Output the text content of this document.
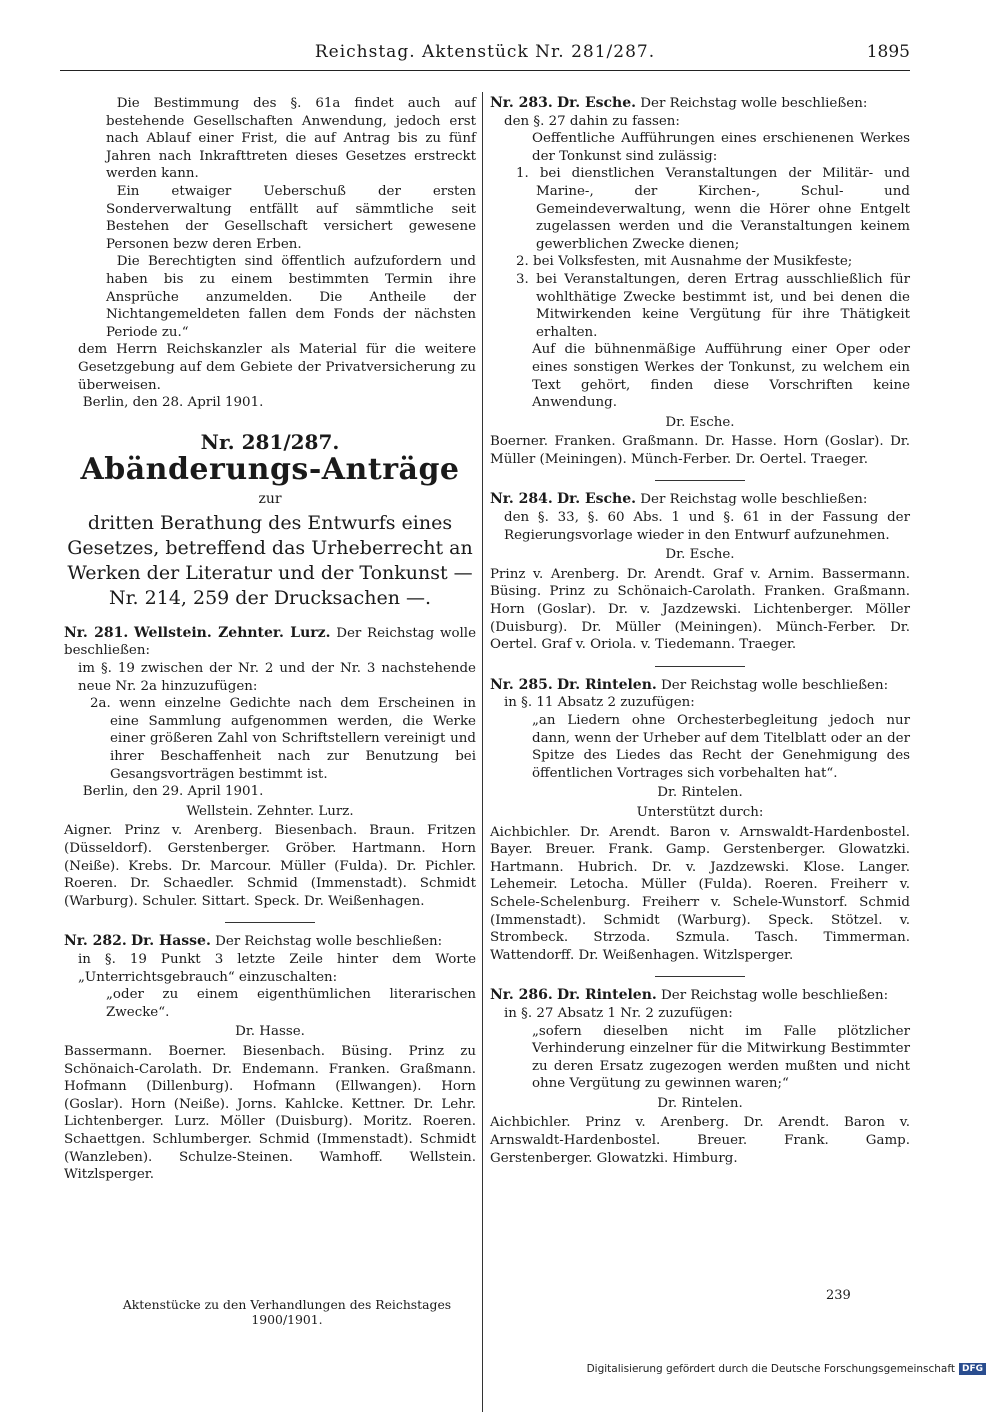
Reichstag. Aktenstück Nr. 281/287.	1895

Die Bestimmung des §. 61a findet auch auf bestehende Gesellschaften Anwendung, jedoch erst nach Ablauf einer Frist, die auf Antrag bis zu fünf Jahren nach Inkrafttreten dieses Gesetzes erstreckt werden kann.

Ein etwaiger Ueberschuß der ersten Sonderverwaltung entfällt auf sämmtliche seit Bestehen der Gesellschaft versichert gewesene Personen bezw deren Erben.

Die Berechtigten sind öffentlich aufzufordern und haben bis zu einem bestimmten Termin ihre Ansprüche anzumelden. Die Antheile der Nichtangemeldeten fallen dem Fonds der nächsten Periode zu.“

dem Herrn Reichskanzler als Material für die weitere Gesetzgebung auf dem Gebiete der Privatversicherung zu überweisen.

Berlin, den 28. April 1901.

Nr. 281/287.
Abänderungs-Anträge
zur
dritten Berathung des Entwurfs eines Gesetzes, betreffend das Urheberrecht an Werken der Literatur und der Tonkunst — Nr. 214, 259 der Drucksachen —.

Nr. 281. Wellstein. Zehnter. Lurz. Der Reichstag wolle beschließen:

im §. 19 zwischen der Nr. 2 und der Nr. 3 nachstehende neue Nr. 2a hinzuzufügen:

2a. wenn einzelne Gedichte nach dem Erscheinen in eine Sammlung aufgenommen werden, die Werke einer größeren Zahl von Schriftstellern vereinigt und ihrer Beschaffenheit nach zur Benutzung bei Gesangsvorträgen bestimmt ist.

Berlin, den 29. April 1901.

Wellstein. Zehnter. Lurz.

Aigner. Prinz v. Arenberg. Biesenbach. Braun. Fritzen (Düsseldorf). Gerstenberger. Gröber. Hartmann. Horn (Neiße). Krebs. Dr. Marcour. Müller (Fulda). Dr. Pichler. Roeren. Dr. Schaedler. Schmid (Immenstadt). Schmidt (Warburg). Schuler. Sittart. Speck. Dr. Weißenhagen.

Nr. 282. Dr. Hasse. Der Reichstag wolle beschließen:

in §. 19 Punkt 3 letzte Zeile hinter dem Worte „Unterrichtsgebrauch“ einzuschalten:

„oder zu einem eigenthümlichen literarischen Zwecke“.

Dr. Hasse.

Bassermann. Boerner. Biesenbach. Büsing. Prinz zu Schönaich-Carolath. Dr. Endemann. Franken. Graßmann. Hofmann (Dillenburg). Hofmann (Ellwangen). Horn (Goslar). Horn (Neiße). Jorns. Kahlcke. Kettner. Dr. Lehr. Lichtenberger. Lurz. Möller (Duisburg). Moritz. Roeren. Schaettgen. Schlumberger. Schmid (Immenstadt). Schmidt (Wanzleben). Schulze-Steinen. Wamhoff. Wellstein. Witzlsperger.

Nr. 283. Dr. Esche. Der Reichstag wolle beschließen:

den §. 27 dahin zu fassen:

Oeffentliche Aufführungen eines erschienenen Werkes der Tonkunst sind zulässig:

1. bei dienstlichen Veranstaltungen der Militär- und Marine-, der Kirchen-, Schul- und Gemeindeverwaltung, wenn die Hörer ohne Entgelt zugelassen werden und die Veranstaltungen keinem gewerblichen Zwecke dienen;

2. bei Volksfesten, mit Ausnahme der Musikfeste;

3. bei Veranstaltungen, deren Ertrag ausschließlich für wohlthätige Zwecke bestimmt ist, und bei denen die Mitwirkenden keine Vergütung für ihre Thätigkeit erhalten.

Auf die bühnenmäßige Aufführung einer Oper oder eines sonstigen Werkes der Tonkunst, zu welchem ein Text gehört, finden diese Vorschriften keine Anwendung.

Dr. Esche.

Boerner. Franken. Graßmann. Dr. Hasse. Horn (Goslar). Dr. Müller (Meiningen). Münch-Ferber. Dr. Oertel. Traeger.

Nr. 284. Dr. Esche. Der Reichstag wolle beschließen:

den §. 33, §. 60 Abs. 1 und §. 61 in der Fassung der Regierungsvorlage wieder in den Entwurf aufzunehmen.

Dr. Esche.

Prinz v. Arenberg. Dr. Arendt. Graf v. Arnim. Bassermann. Büsing. Prinz zu Schönaich-Carolath. Franken. Graßmann. Horn (Goslar). Dr. v. Jazdzewski. Lichtenberger. Möller (Duisburg). Dr. Müller (Meiningen). Münch-Ferber. Dr. Oertel. Graf v. Oriola. v. Tiedemann. Traeger.

Nr. 285. Dr. Rintelen. Der Reichstag wolle beschließen:

in §. 11 Absatz 2 zuzufügen:

„an Liedern ohne Orchesterbegleitung jedoch nur dann, wenn der Urheber auf dem Titelblatt oder an der Spitze des Liedes das Recht der Genehmigung des öffentlichen Vortrages sich vorbehalten hat“.

Dr. Rintelen.

Unterstützt durch:

Aichbichler. Dr. Arendt. Baron v. Arnswaldt-Hardenbostel. Bayer. Breuer. Frank. Gamp. Gerstenberger. Glowatzki. Hartmann. Hubrich. Dr. v. Jazdzewski. Klose. Langer. Lehemeir. Letocha. Müller (Fulda). Roeren. Freiherr v. Schele-Schelenburg. Freiherr v. Schele-Wunstorf. Schmid (Immenstadt). Schmidt (Warburg). Speck. Stötzel. v. Strombeck. Strzoda. Szmula. Tasch. Timmerman. Wattendorff. Dr. Weißenhagen. Witzlsperger.

Nr. 286. Dr. Rintelen. Der Reichstag wolle beschließen:

in §. 27 Absatz 1 Nr. 2 zuzufügen:

„sofern dieselben nicht im Falle plötzlicher Verhinderung einzelner für die Mitwirkung Bestimmter zu deren Ersatz zugezogen werden mußten und nicht ohne Vergütung zu gewinnen waren;“

Dr. Rintelen.

Aichbichler. Prinz v. Arenberg. Dr. Arendt. Baron v. Arnswaldt-Hardenbostel. Breuer. Frank. Gamp. Gerstenberger. Glowatzki. Himburg.

Aktenstücke zu den Verhandlungen des Reichstages 1900/1901.
239
Digitalisierung gefördert durch die Deutsche Forschungsgemeinschaft DFG
